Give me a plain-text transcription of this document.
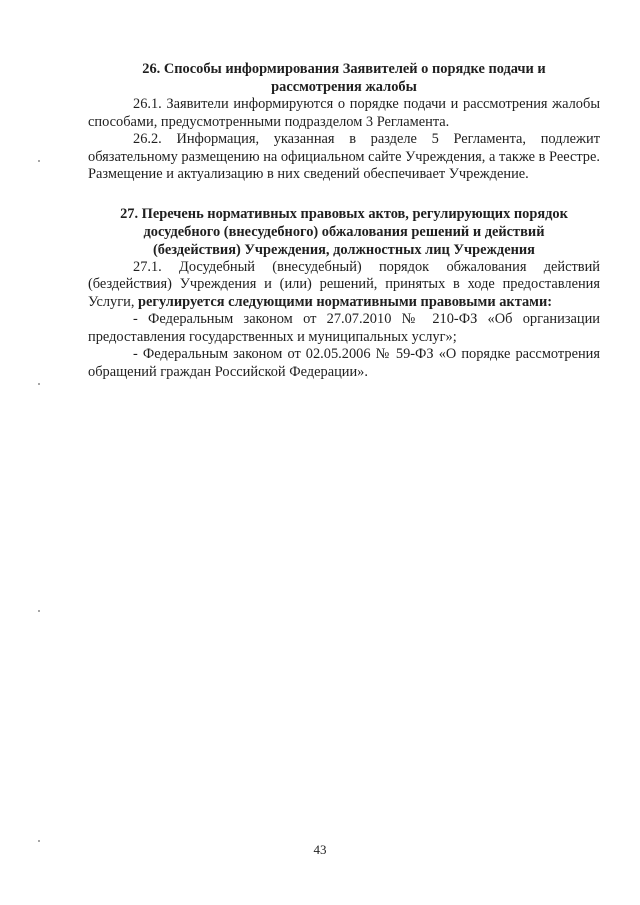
26. Способы информирования Заявителей о порядке подачи и
рассмотрения жалобы

26.1. Заявители информируются о порядке подачи и рассмотрения жалобы способами, предусмотренными подразделом 3 Регламента.

26.2. Информация, указанная в разделе 5 Регламента, подлежит обязательному размещению на официальном сайте Учреждения, а также в Реестре. Размещение и актуализацию в них сведений обеспечивает Учреждение.

27. Перечень нормативных правовых актов, регулирующих порядок
досудебного (внесудебного) обжалования решений и действий
(бездействия) Учреждения, должностных лиц Учреждения

27.1. Досудебный (внесудебный) порядок обжалования действий (бездействия) Учреждения и (или) решений, принятых в ходе предоставления Услуги, регулируется следующими нормативными правовыми актами:

- Федеральным законом от 27.07.2010 № 210-ФЗ «Об организации предоставления государственных и муниципальных услуг»;

- Федеральным законом от 02.05.2006 № 59-ФЗ «О порядке рассмотрения обращений граждан Российской Федерации».

43
